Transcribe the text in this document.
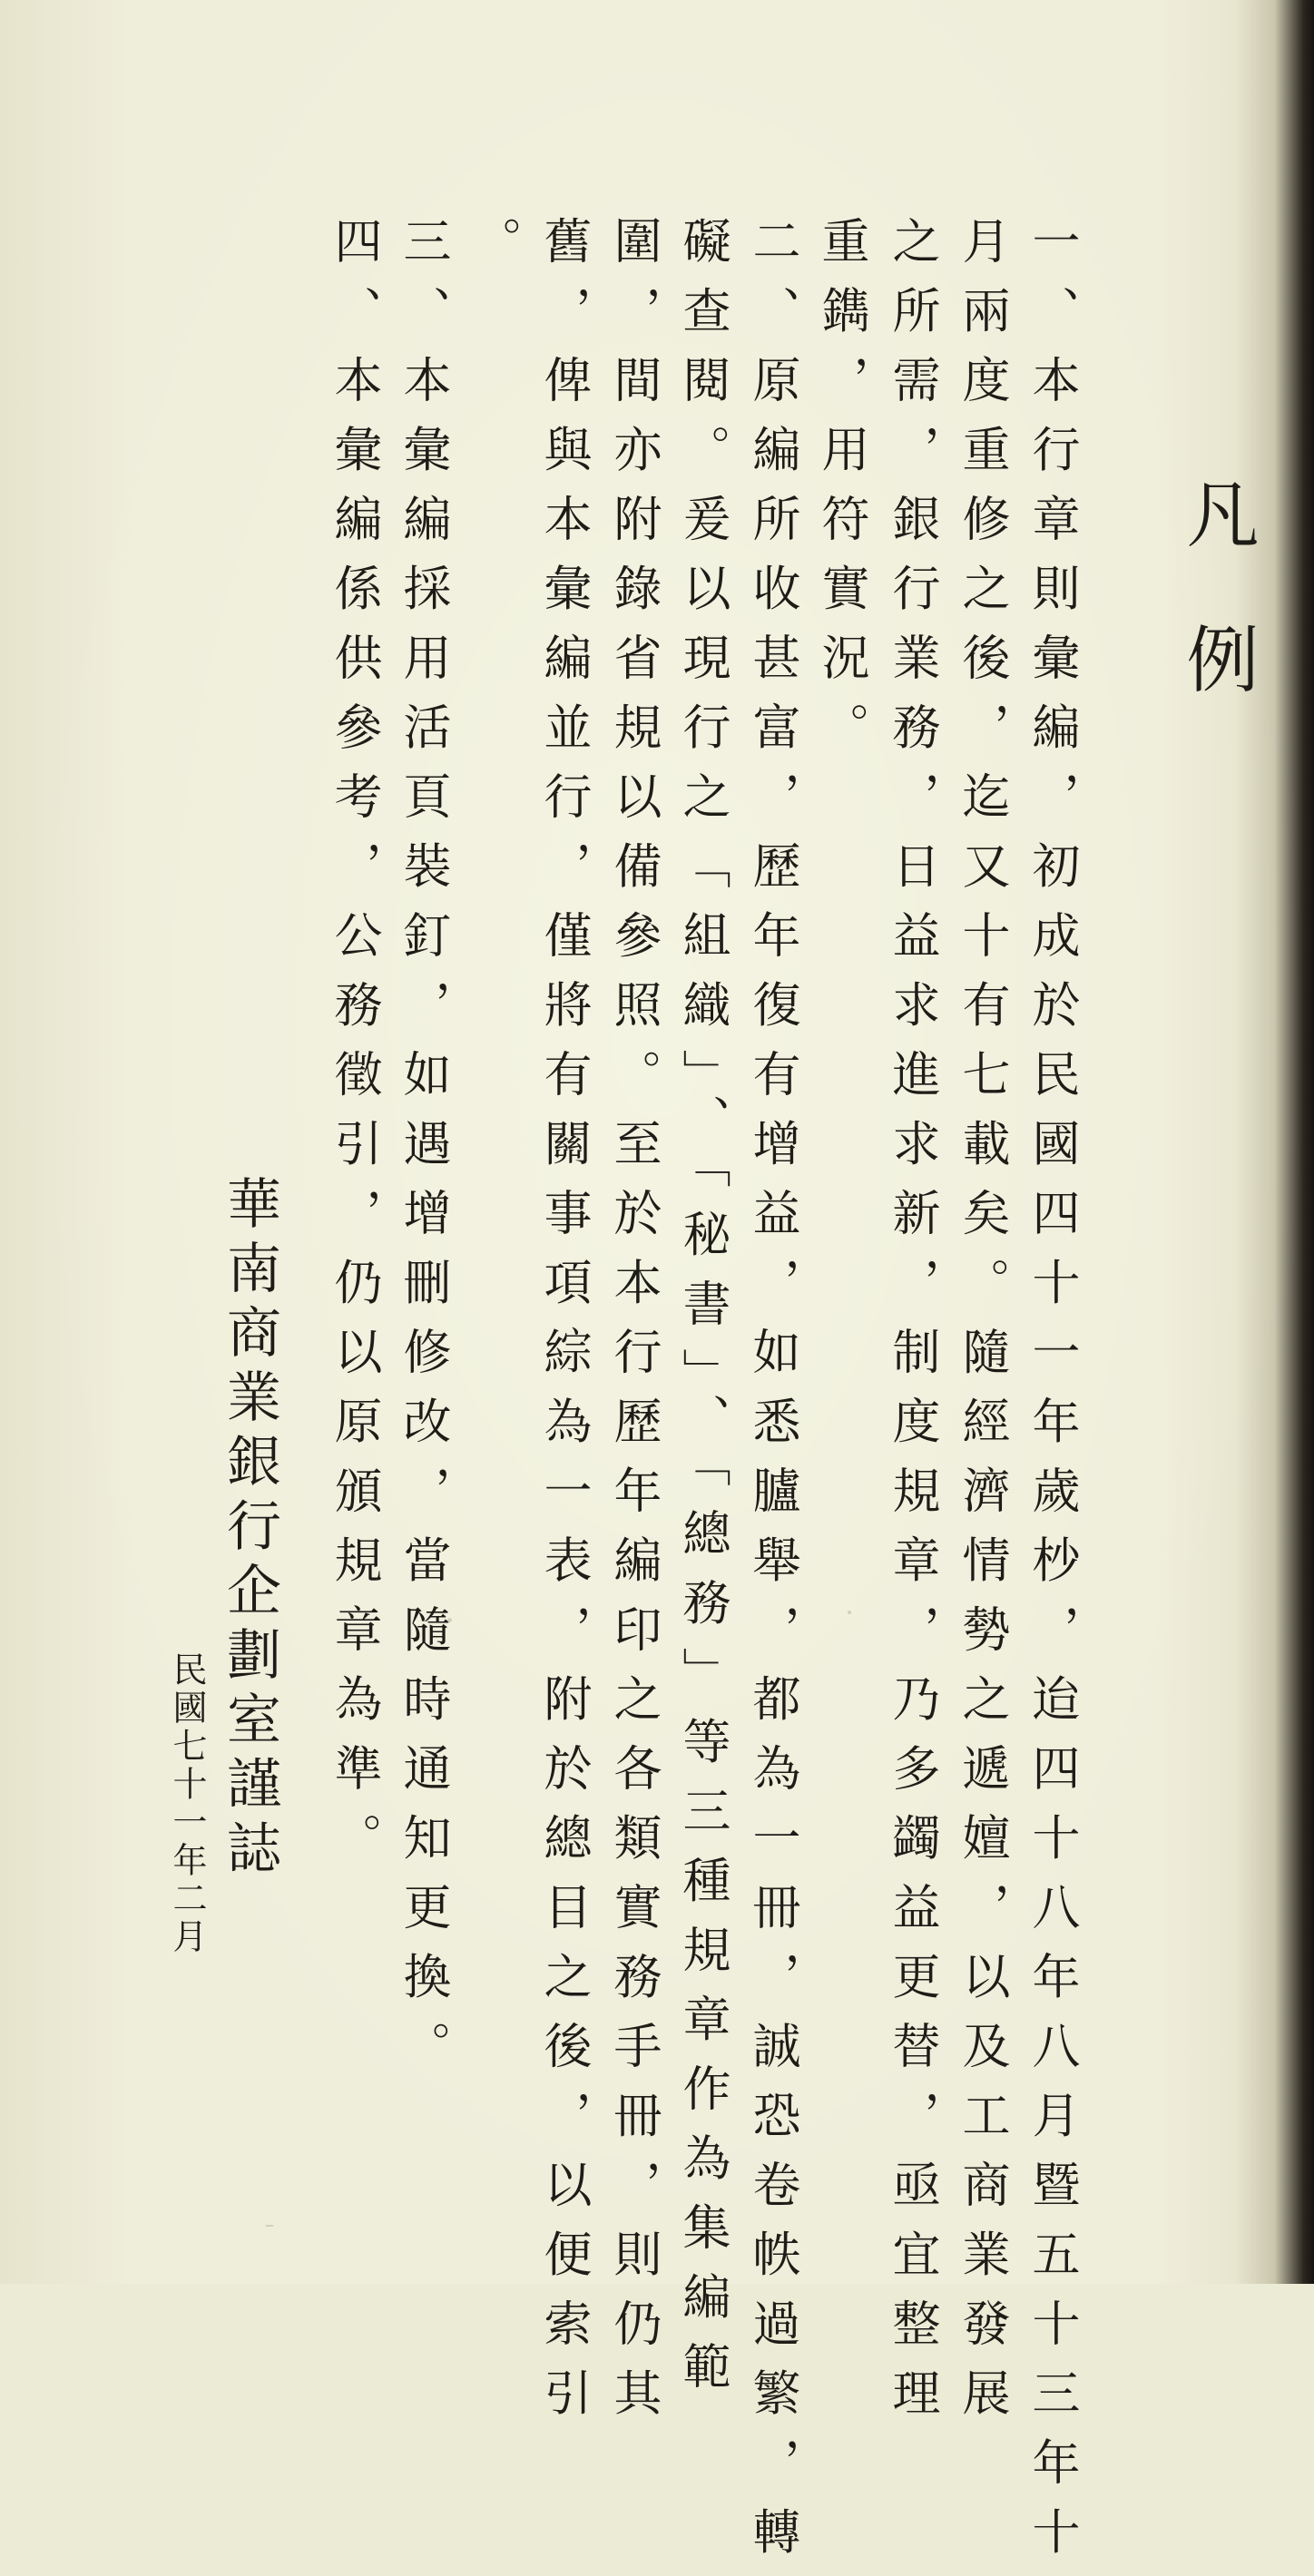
凡例
一、本行章則彙編，初成於民國四十一年歲杪，迨四十八年八月暨五十三年十
月兩度重修之後，迄又十有七載矣。隨經濟情勢之遞嬗，以及工商業發展
之所需，銀行業務，日益求進求新，制度規章，乃多蠲益更替，亟宜整理
重鐫，用符實況。
二、原編所收甚富，歷年復有增益，如悉臚舉，都為一冊，誠恐卷帙過繁，轉
礙查閱。爰以現行之「組織」、「秘書」、「總務」等三種規章作為集編範
圍，間亦附錄省規以備參照。至於本行歷年編印之各類實務手冊，則仍其
舊，俾與本彙編並行，僅將有關事項綜為一表，附於總目之後，以便索引
。
三、本彙編採用活頁裝釘，如遇增刪修改，當隨時通知更換。
四、本彙編係供參考，公務徵引，仍以原頒規章為準。
華南商業銀行企劃室謹誌
民國七十一年二月
